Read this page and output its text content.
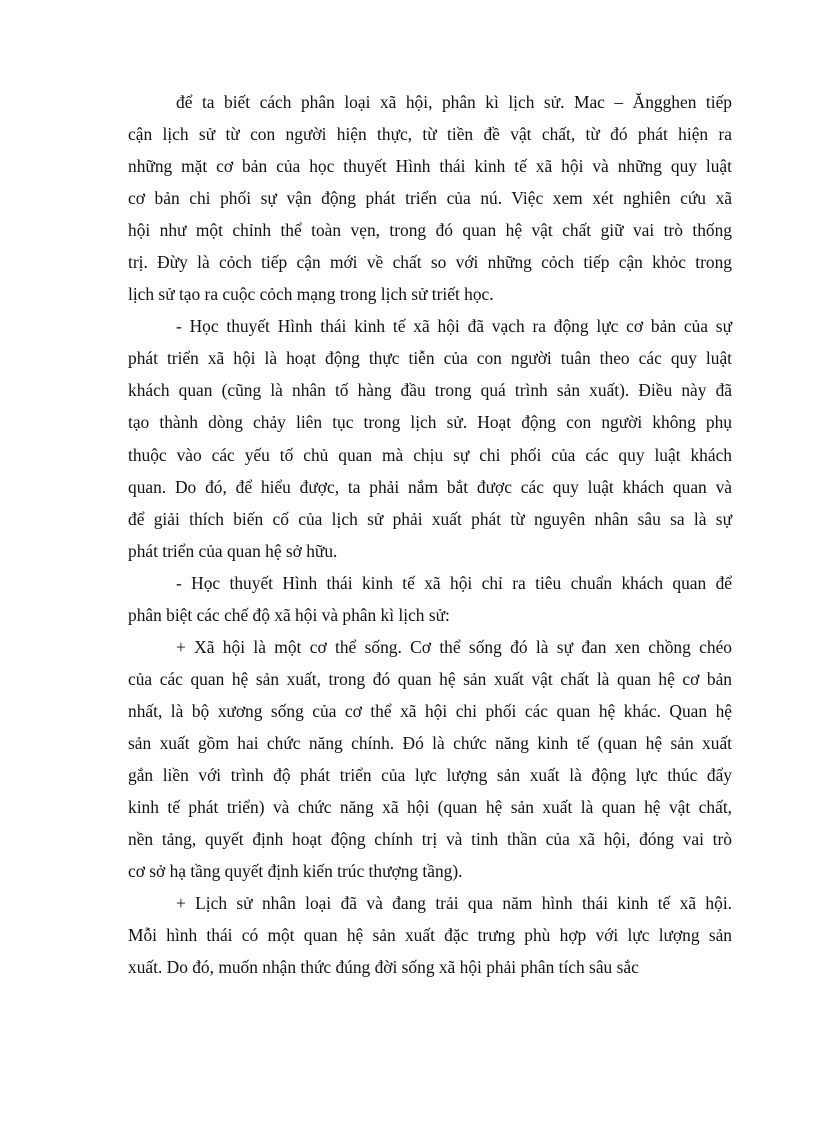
để ta biết cách phân loại xã hội, phân kì lịch sử. Mac – Ăngghen tiếp
cận lịch sử từ con người hiện thực, từ tiền đề vật chất, từ đó phát hiện ra
những mặt cơ bản của học thuyết Hình thái kinh tế xã hội và những quy luật
cơ bản chi phối sự vận động phát triển của nú. Việc xem xét nghiên cứu xã
hội như một chỉnh thể toàn vẹn, trong đó quan hệ vật chất giữ vai trò thống
trị. Đừy là cỏch tiếp cận mới về chất so với những cỏch tiếp cận khỏc trong
lịch sử tạo ra cuộc cỏch mạng trong lịch sử triết học.
- Học thuyết Hình thái kinh tế xã hội đã vạch ra động lực cơ bản của sự
phát triển xã hội là hoạt động thực tiễn của con người tuân theo các quy luật
khách quan (cũng là nhân tố hàng đầu trong quá trình sản xuất). Điều này đã
tạo thành dòng chảy liên tục trong lịch sử. Hoạt động con người không phụ
thuộc vào các yếu tố chủ quan mà chịu sự chi phối của các quy luật khách
quan. Do đó, để hiểu được, ta phải nắm bắt được các quy luật khách quan và
để giải thích biến cố của lịch sử phải xuất phát từ nguyên nhân sâu sa là sự
phát triển của quan hệ sở hữu.
- Học thuyết Hình thái kinh tế xã hội chỉ ra tiêu chuẩn khách quan để
phân biệt các chế độ xã hội và phân kì lịch sử:
+ Xã hội là một cơ thể sống. Cơ thể sống đó là sự đan xen chồng chéo
của các quan hệ sản xuất, trong đó quan hệ sản xuất vật chất là quan hệ cơ bản
nhất, là bộ xương sống của cơ thể xã hội chi phối các quan hệ khác. Quan hệ
sản xuất gồm hai chức năng chính. Đó là chức năng kinh tế (quan hệ sản xuất
gắn liền với trình độ phát triển của lực lượng sản xuất là động lực thúc đẩy
kinh tế phát triển) và chức năng xã hội (quan hệ sản xuất là quan hệ vật chất,
nền tảng, quyết định hoạt động chính trị và tinh thần của xã hội, đóng vai trò
cơ sở hạ tầng quyết định kiến trúc thượng tầng).
+ Lịch sử nhân loại đã và đang trải qua năm hình thái kinh tế xã hội.
Mỗi hình thái có một quan hệ sản xuất đặc trưng phù hợp với lực lượng sản
xuất. Do đó, muốn nhận thức đúng đời sống xã hội phải phân tích sâu sắc
